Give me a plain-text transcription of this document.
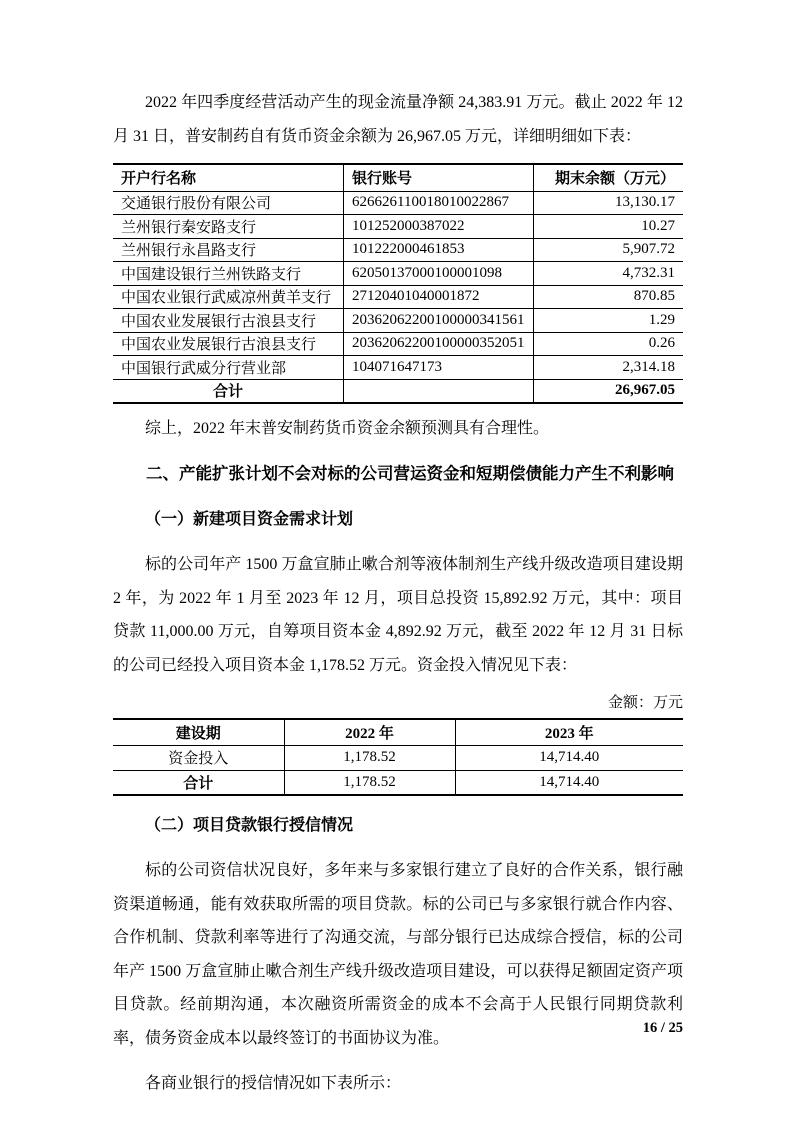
2022 年四季度经营活动产生的现金流量净额 24,383.91 万元。截止 2022 年 12 月 31 日，普安制药自有货币资金余额为 26,967.05 万元，详细明细如下表：

开户行名称	银行账号	期末余额（万元）
交通银行股份有限公司	626626110018010022867	13,130.17
兰州银行秦安路支行	101252000387022	10.27
兰州银行永昌路支行	101222000461853	5,907.72
中国建设银行兰州铁路支行	62050137000100001098	4,732.31
中国农业银行武威凉州黄羊支行	27120401040001872	870.85
中国农业发展银行古浪县支行	20362062200100000341561	1.29
中国农业发展银行古浪县支行	20362062200100000352051	0.26
中国银行武威分行营业部	104071647173	2,314.18
合计		26,967.05

综上，2022 年末普安制药货币资金余额预测具有合理性。

二、产能扩张计划不会对标的公司营运资金和短期偿债能力产生不利影响
（一）新建项目资金需求计划

标的公司年产 1500 万盒宣肺止嗽合剂等液体制剂生产线升级改造项目建设期 2 年，为 2022 年 1 月至 2023 年 12 月，项目总投资 15,892.92 万元，其中：项目贷款 11,000.00 万元，自筹项目资本金 4,892.92 万元，截至 2022 年 12 月 31 日标的公司已经投入项目资本金 1,178.52 万元。资金投入情况见下表：

金额：万元
建设期	2022 年	2023 年
资金投入	1,178.52	14,714.40
合计	1,178.52	14,714.40
（二）项目贷款银行授信情况

标的公司资信状况良好，多年来与多家银行建立了良好的合作关系，银行融资渠道畅通，能有效获取所需的项目贷款。标的公司已与多家银行就合作内容、合作机制、贷款利率等进行了沟通交流，与部分银行已达成综合授信，标的公司年产 1500 万盒宣肺止嗽合剂生产线升级改造项目建设，可以获得足额固定资产项目贷款。经前期沟通，本次融资所需资金的成本不会高于人民银行同期贷款利率，债务资金成本以最终签订的书面协议为准。

各商业银行的授信情况如下表所示：

16 / 25
